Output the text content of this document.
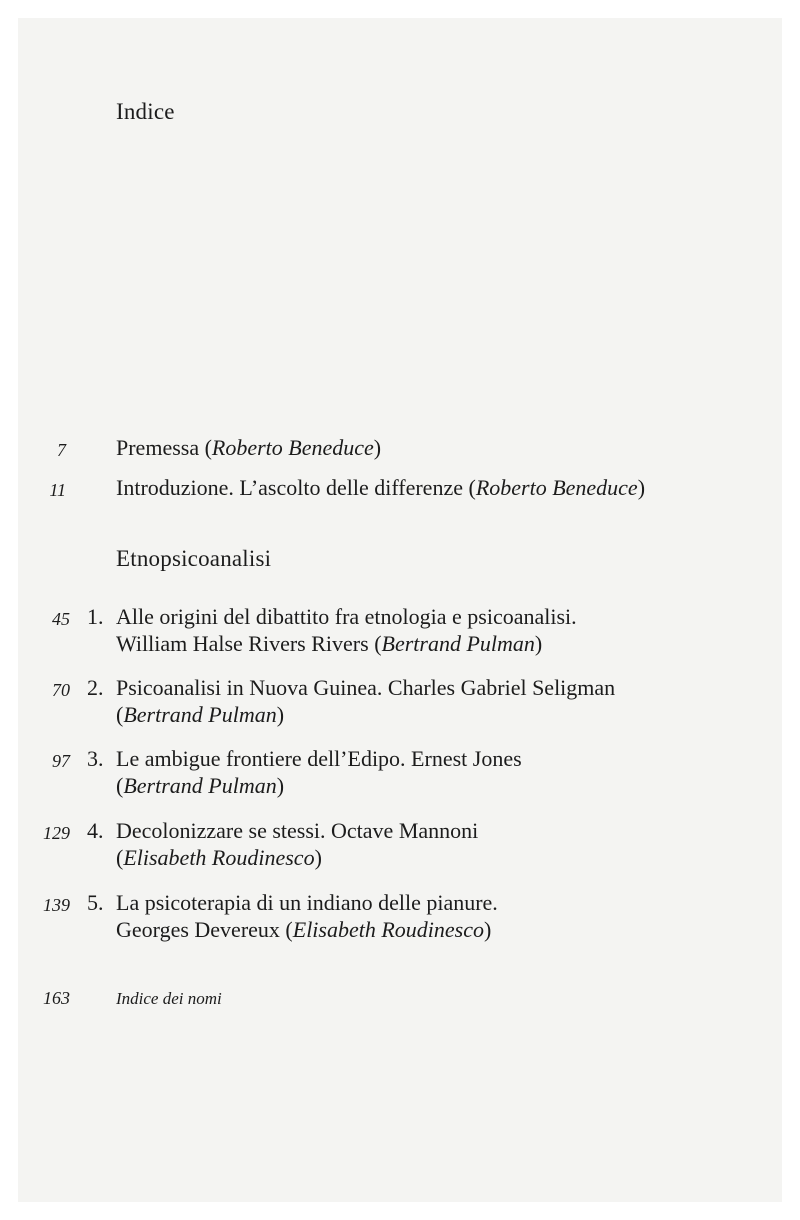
Indice
7 Premessa (Roberto Beneduce)
11 Introduzione. L’ascolto delle differenze (Roberto Beneduce)
Etnopsicoanalisi
45 1. Alle origini del dibattito fra etnologia e psicoanalisi.
William Halse Rivers Rivers (Bertrand Pulman)
70 2. Psicoanalisi in Nuova Guinea. Charles Gabriel Seligman
(Bertrand Pulman)
97 3. Le ambigue frontiere dell’Edipo. Ernest Jones
(Bertrand Pulman)
129 4. Decolonizzare se stessi. Octave Mannoni
(Elisabeth Roudinesco)
139 5. La psicoterapia di un indiano delle pianure.
Georges Devereux (Elisabeth Roudinesco)
163	Indice dei nomi
